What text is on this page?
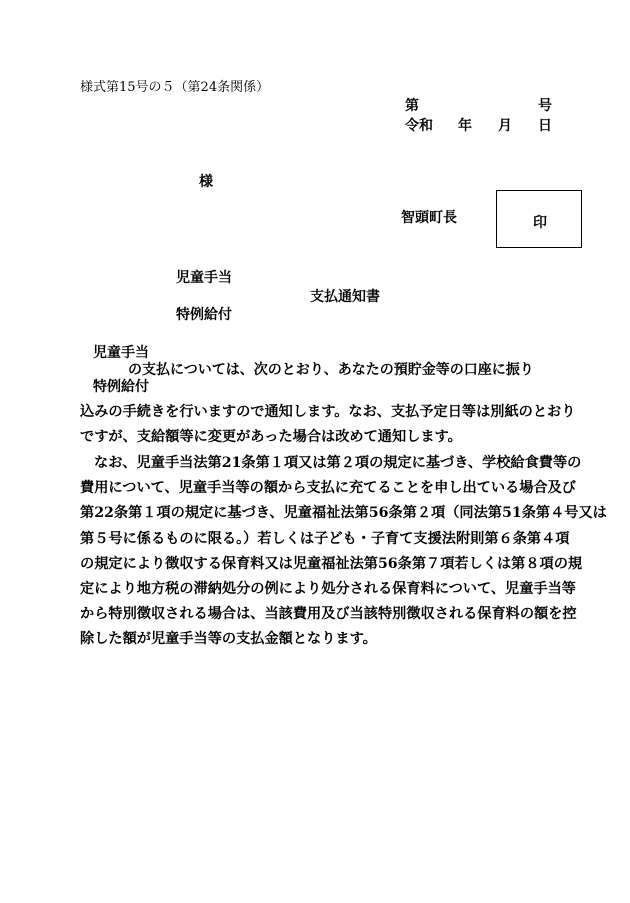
様式第15号の５（第24条関係）
第	号
令和 年 月 日
様
智頭町長	印
児童手当
支払通知書
特例給付
児童手当
の支払については、次のとおり、あなたの預貯金等の口座に振り
特例給付
込みの手続きを行いますので通知します。なお、支払予定日等は別紙のとおり
ですが、支給額等に変更があった場合は改めて通知します。
なお、児童手当法第21条第１項又は第２項の規定に基づき、学校給食費等の
費用について、児童手当等の額から支払に充てることを申し出ている場合及び
第22条第１項の規定に基づき、児童福祉法第56条第２項（同法第51条第４号又は
第５号に係るものに限る。）若しくは子ども・子育て支援法附則第６条第４項
の規定により徴収する保育料又は児童福祉法第56条第７項若しくは第８項の規
定により地方税の滞納処分の例により処分される保育料について、児童手当等
から特別徴収される場合は、当該費用及び当該特別徴収される保育料の額を控
除した額が児童手当等の支払金額となります。
